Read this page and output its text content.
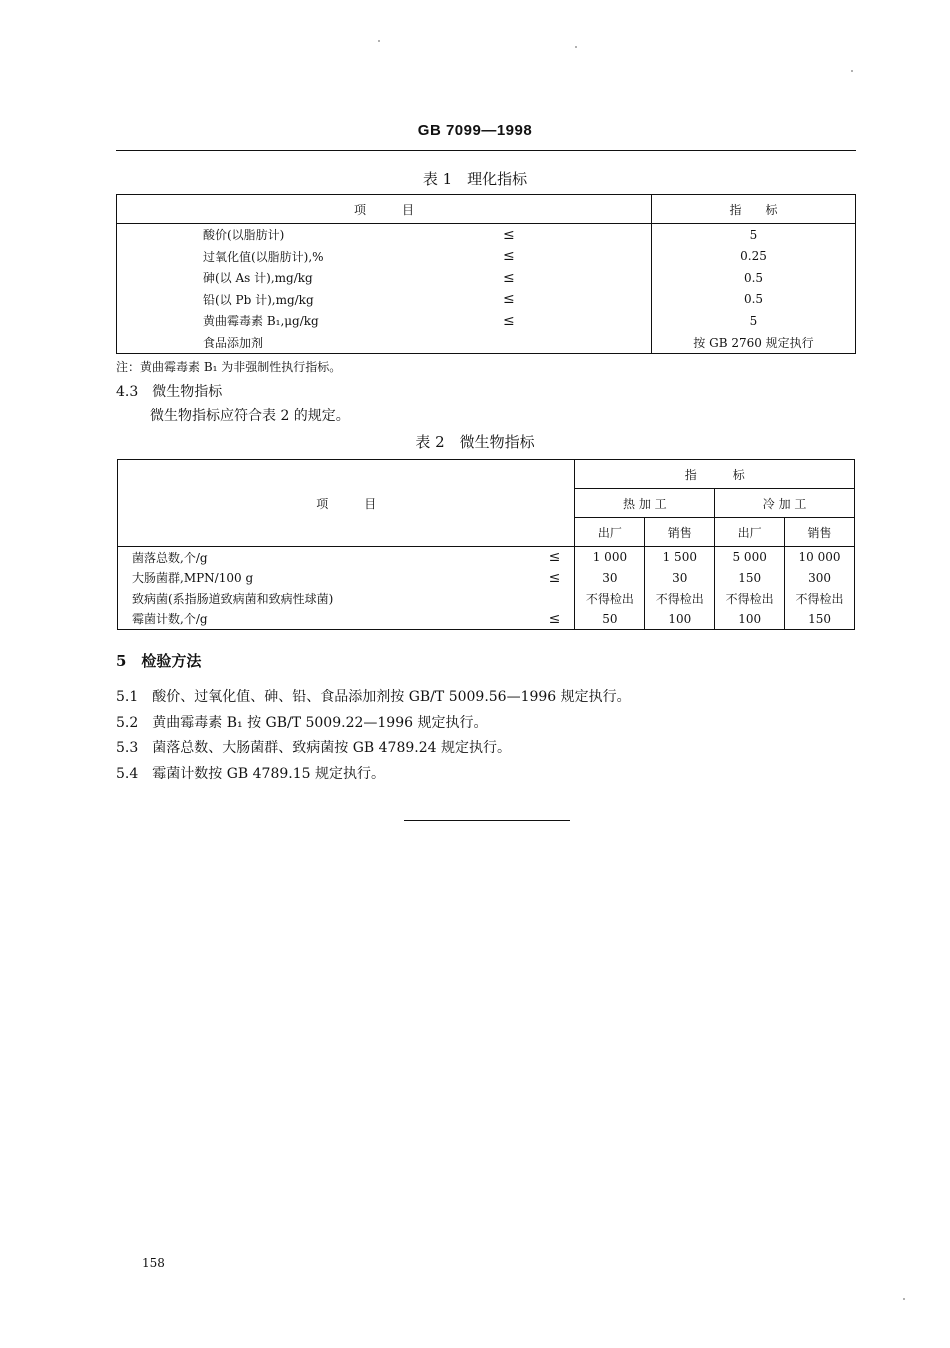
GB 7099—1998
表 1　理化指标
项　　　目		指　　标
酸价(以脂肪计)	≤	5
过氧化值(以脂肪计),%	≤	0.25
砷(以 As 计),mg/kg	≤	0.5
铅(以 Pb 计),mg/kg	≤	0.5
黄曲霉毒素 B₁,μg/kg	≤	5
食品添加剂		按 GB 2760 规定执行
注：黄曲霉毒素 B₁ 为非强制性执行指标。
4.3　微生物指标
微生物指标应符合表 2 的规定。
表 2　微生物指标
项　　　目		指　　　标			
		热 加 工		冷 加 工	
		出厂	销售	出厂	销售
菌落总数,个/g	≤	1 000	1 500	5 000	10 000
大肠菌群,MPN/100 g	≤	30	30	150	300
致病菌(系指肠道致病菌和致病性球菌)		不得检出	不得检出	不得检出	不得检出
霉菌计数,个/g	≤	50	100	100	150
5　检验方法
5.1　酸价、过氧化值、砷、铅、食品添加剂按 GB/T 5009.56—1996 规定执行。
5.2　黄曲霉毒素 B₁ 按 GB/T 5009.22—1996 规定执行。
5.3　菌落总数、大肠菌群、致病菌按 GB 4789.24 规定执行。
5.4　霉菌计数按 GB 4789.15 规定执行。
158
